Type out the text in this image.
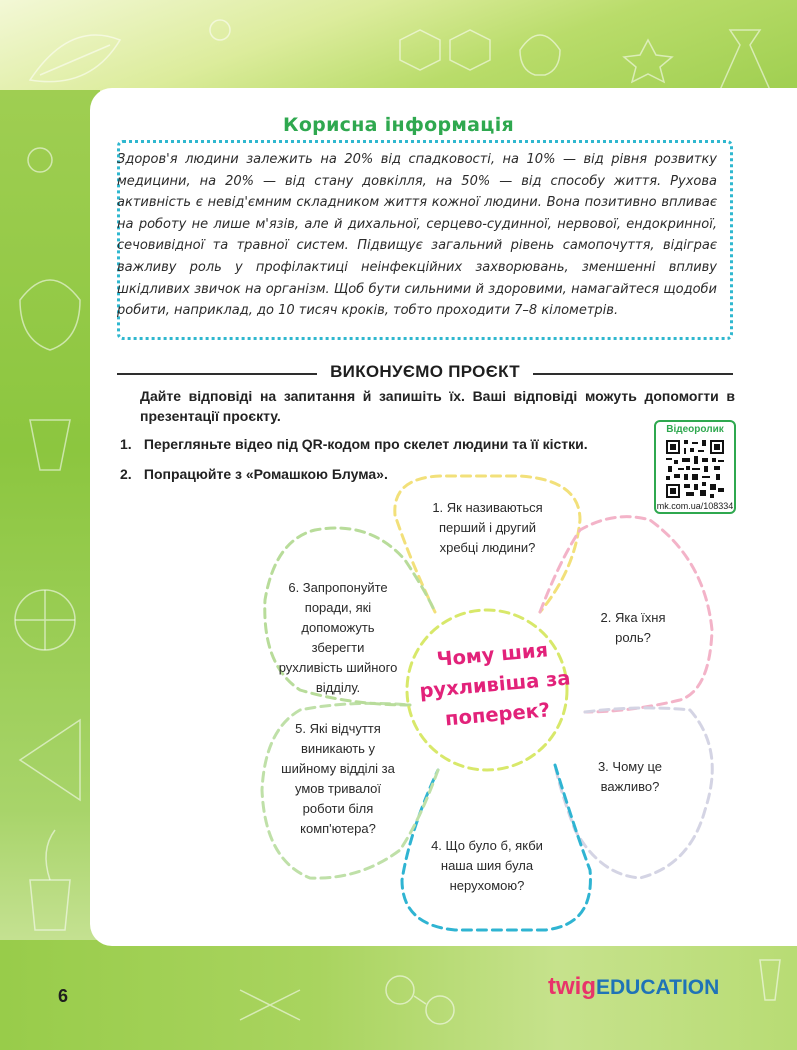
Корисна інформація
Здоров'я людини залежить на 20% від спадковості, на 10% — від рівня розвитку медицини, на 20% — від стану довкілля, на 50% — від способу життя. Рухова активність є невід'ємним складником життя кожної людини. Вона позитивно впливає на роботу не лише м'язів, але й дихальної, серцево-судинної, нервової, ендокринної, сечовивідної та травної систем. Підвищує загальний рівень самопочуття, відіграє важливу роль у профілактиці неінфекційних захворювань, зменшенні впливу шкідливих звичок на організм. Щоб бути сильними й здоровими, намагайтеся щодоби робити, наприклад, до 10 тисяч кроків, тобто проходити 7–8 кілометрів.
ВИКОНУЄМО ПРОЄКТ
Дайте відповіді на запитання й запишіть їх. Ваші відповіді можуть допомогти в презентації проєкту.
1. Перегляньте відео під QR-кодом про скелет людини та її кістки.
2. Попрацюйте з «Ромашкою Блума».
Відеоролик
mk.com.ua/108334
1. Як називаються перший і другий хребці людини?
2. Яка їхня роль?
3. Чому це важливо?
4. Що було б, якби наша шия була нерухомою?
5. Які відчуття виникають у шийному відділі за умов тривалої роботи біля комп'ютера?
6. Запропонуйте поради, які допоможуть зберегти рухливість шийного відділу.
Чому шия рухливіша за поперек?
6	twigEDUCATION
